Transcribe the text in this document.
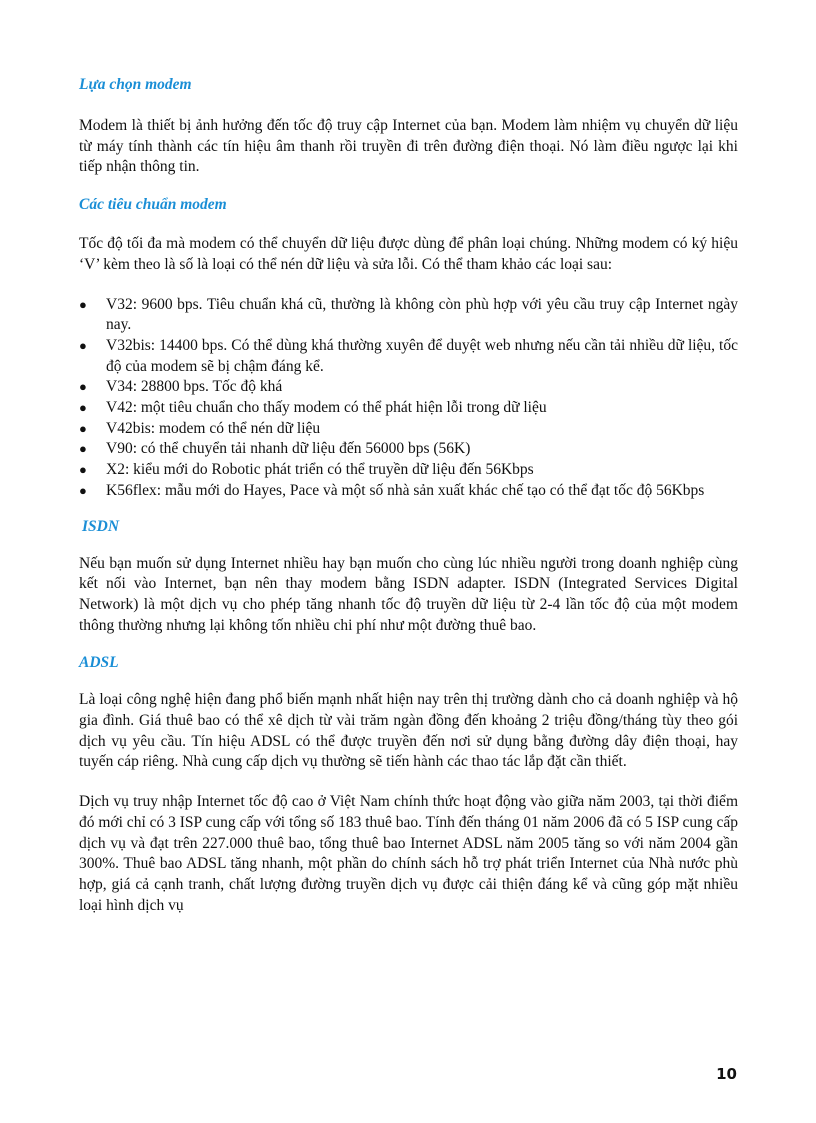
Lựa chọn modem

Modem là thiết bị ảnh hưởng đến tốc độ truy cập Internet của bạn. Modem làm nhiệm vụ chuyển dữ liệu từ máy tính thành các tín hiệu âm thanh rồi truyền đi trên đường điện thoại. Nó làm điều ngược lại khi tiếp nhận thông tin.

Các tiêu chuẩn modem

Tốc độ tối đa mà modem có thể chuyển dữ liệu được dùng để phân loại chúng. Những modem có ký hiệu ‘V’ kèm theo là số là loại có thể nén dữ liệu và sửa lỗi. Có thể tham khảo các loại sau:

●	V32: 9600 bps. Tiêu chuẩn khá cũ, thường là không còn phù hợp với yêu cầu truy cập Internet ngày nay.
●	V32bis: 14400 bps. Có thể dùng khá thường xuyên để duyệt web nhưng nếu cần tải nhiều dữ liệu, tốc độ của modem sẽ bị chậm đáng kể.
●	V34: 28800 bps. Tốc độ khá
●	V42: một tiêu chuẩn cho thấy modem có thể phát hiện lỗi trong dữ liệu
●	V42bis: modem có thể nén dữ liệu
●	V90: có thể chuyển tải nhanh dữ liệu đến 56000 bps (56K)
●	X2: kiểu mới do Robotic phát triển có thể truyền dữ liệu đến 56Kbps
●	K56flex: mẫu mới do Hayes, Pace và một số nhà sản xuất khác chế tạo có thể đạt tốc độ 56Kbps
ISDN

Nếu bạn muốn sử dụng Internet nhiều hay bạn muốn cho cùng lúc nhiều người trong doanh nghiệp cùng kết nối vào Internet, bạn nên thay modem bằng ISDN adapter. ISDN (Integrated Services Digital Network) là một dịch vụ cho phép tăng nhanh tốc độ truyền dữ liệu từ 2-4 lần tốc độ của một modem thông thường nhưng lại không tốn nhiều chi phí như một đường thuê bao.

ADSL

Là loại công nghệ hiện đang phổ biến mạnh nhất hiện nay trên thị trường dành cho cả doanh nghiệp và hộ gia đình. Giá thuê bao có thể xê dịch từ vài trăm ngàn đồng đến khoảng 2 triệu đồng/tháng tùy theo gói dịch vụ yêu cầu. Tín hiệu ADSL có thể được truyền đến nơi sử dụng bằng đường dây điện thoại, hay tuyến cáp riêng. Nhà cung cấp dịch vụ thường sẽ tiến hành các thao tác lắp đặt cần thiết.

Dịch vụ truy nhập Internet tốc độ cao ở Việt Nam chính thức hoạt động vào giữa năm 2003, tại thời điểm đó mới chỉ có 3 ISP cung cấp với tổng số 183 thuê bao. Tính đến tháng 01 năm 2006 đã có 5 ISP cung cấp dịch vụ và đạt trên 227.000 thuê bao, tổng thuê bao Internet ADSL năm 2005 tăng so với năm 2004 gần 300%. Thuê bao ADSL tăng nhanh, một phần do chính sách hỗ trợ phát triển Internet của Nhà nước phù hợp, giá cả cạnh tranh, chất lượng đường truyền dịch vụ được cải thiện đáng kể và cũng góp mặt nhiều loại hình dịch vụ

10
